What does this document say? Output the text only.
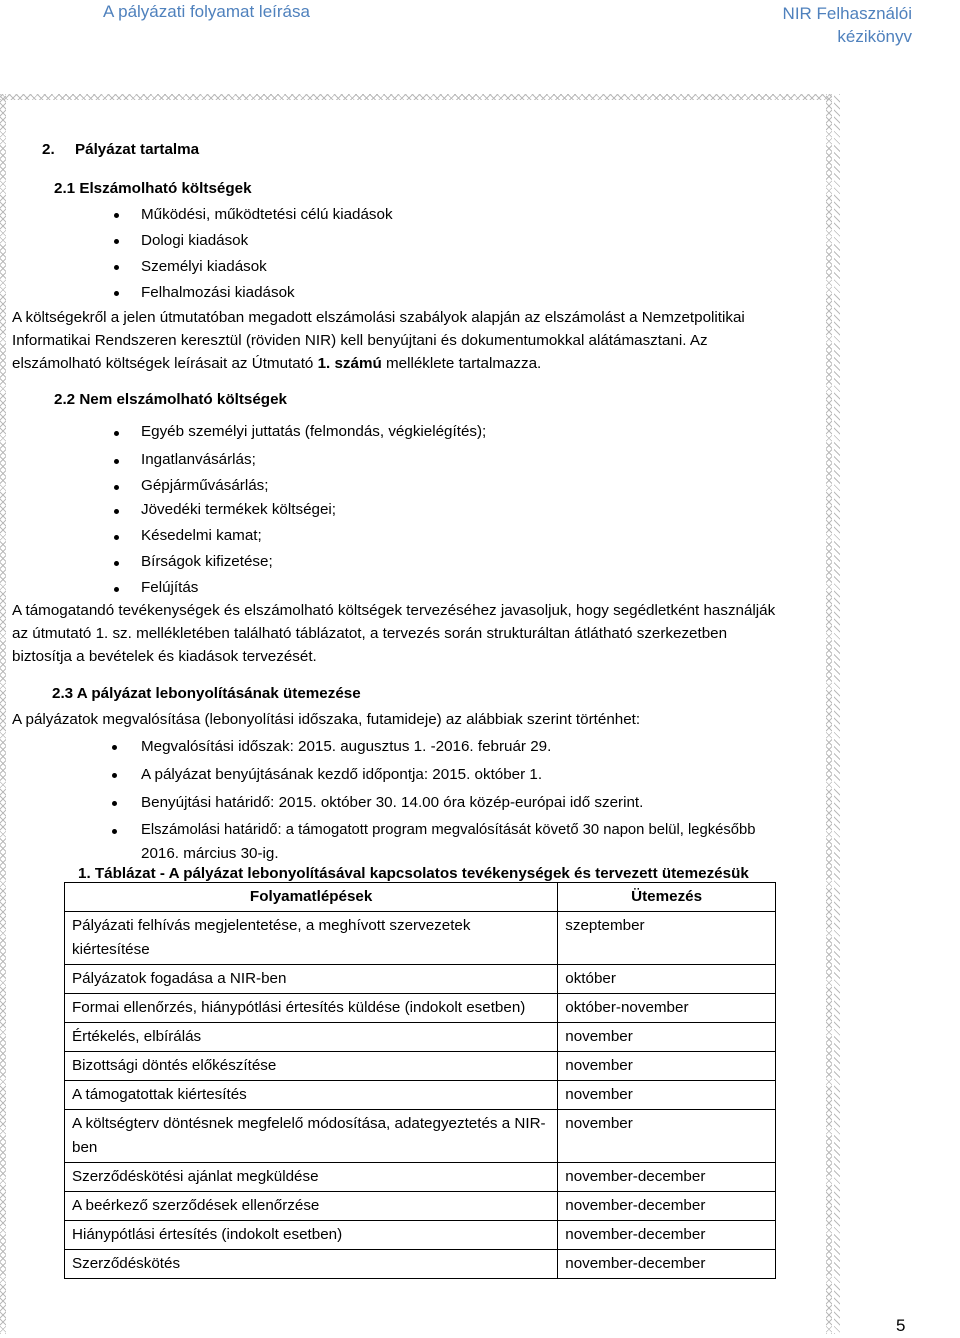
A pályázati folyamat leírása	NIR Felhasználói
kézikönyv
2. Pályázat tartalma
2.1 Elszámolható költségek
Működési, működtetési célú kiadások
Dologi kiadások
Személyi kiadások
Felhalmozási kiadások
A költségekről a jelen útmutatóban megadott elszámolási szabályok alapján az elszámolást a Nemzetpolitikai
Informatikai Rendszeren keresztül (röviden NIR) kell benyújtani és dokumentumokkal alátámasztani. Az
elszámolható költségek leírásait az Útmutató 1. számú melléklete tartalmazza.
2.2 Nem elszámolható költségek
Egyéb személyi juttatás (felmondás, végkielégítés);
Ingatlanvásárlás;
Gépjárművásárlás;
Jövedéki termékek költségei;
Késedelmi kamat;
Bírságok kifizetése;
Felújítás
A támogatandó tevékenységek és elszámolható költségek tervezéséhez javasoljuk, hogy segédletként használják
az útmutató 1. sz. mellékletében található táblázatot, a tervezés során strukturáltan átlátható szerkezetben
biztosítja a bevételek és kiadások tervezését.
2.3 A pályázat lebonyolításának ütemezése
A pályázatok megvalósítása (lebonyolítási időszaka, futamideje) az alábbiak szerint történhet:
Megvalósítási időszak: 2015. augusztus 1. -2016. február 29.
A pályázat benyújtásának kezdő időpontja: 2015. október 1.
Benyújtási határidő: 2015. október 30. 14.00 óra közép-európai idő szerint.
Elszámolási határidő: a támogatott program megvalósítását követő 30 napon belül, legkésőbb
2016. március 30-ig.
1. Táblázat - A pályázat lebonyolításával kapcsolatos tevékenységek és tervezett ütemezésük
Folyamatlépések	Ütemezés
Pályázati felhívás megjelentetése, a meghívott szervezetek kiértesítése	szeptember
Pályázatok fogadása a NIR-ben	október
Formai ellenőrzés, hiánypótlási értesítés küldése (indokolt esetben)	október-november
Értékelés, elbírálás	november
Bizottsági döntés előkészítése	november
A támogatottak kiértesítés	november
A költségterv döntésnek megfelelő módosítása, adategyeztetés a NIR-ben	november
Szerződéskötési ajánlat megküldése	november-december
A beérkező szerződések ellenőrzése	november-december
Hiánypótlási értesítés (indokolt esetben)	november-december
Szerződéskötés	november-december
5
